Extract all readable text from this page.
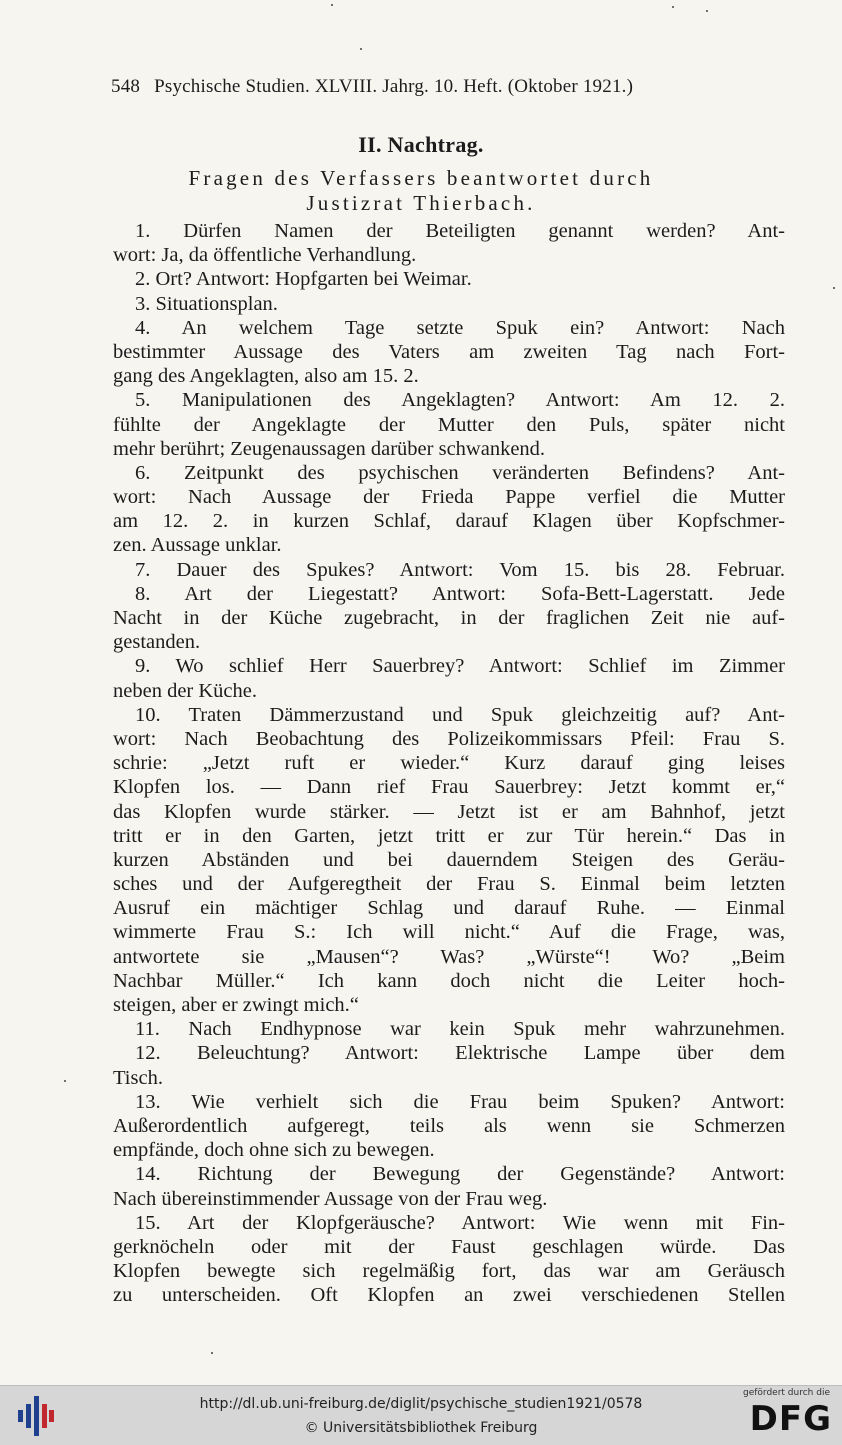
548 Psychische Studien. XLVIII. Jahrg. 10. Heft. (Oktober 1921.)
II. Nachtrag.
Fragen des Verfassers beantwortet durch
Justizrat Thierbach.
1. Dürfen Namen der Beteiligten genannt werden? Ant-
wort: Ja, da öffentliche Verhandlung.
2. Ort? Antwort: Hopfgarten bei Weimar.
3. Situationsplan.
4. An welchem Tage setzte Spuk ein? Antwort: Nach
bestimmter Aussage des Vaters am zweiten Tag nach Fort-
gang des Angeklagten, also am 15. 2.
5. Manipulationen des Angeklagten? Antwort: Am 12. 2.
fühlte der Angeklagte der Mutter den Puls, später nicht
mehr berührt; Zeugenaussagen darüber schwankend.
6. Zeitpunkt des psychischen veränderten Befindens? Ant-
wort: Nach Aussage der Frieda Pappe verfiel die Mutter
am 12. 2. in kurzen Schlaf, darauf Klagen über Kopfschmer-
zen. Aussage unklar.
7. Dauer des Spukes? Antwort: Vom 15. bis 28. Februar.
8. Art der Liegestatt? Antwort: Sofa-Bett-Lagerstatt. Jede
Nacht in der Küche zugebracht, in der fraglichen Zeit nie auf-
gestanden.
9. Wo schlief Herr Sauerbrey? Antwort: Schlief im Zimmer
neben der Küche.
10. Traten Dämmerzustand und Spuk gleichzeitig auf? Ant-
wort: Nach Beobachtung des Polizeikommissars Pfeil: Frau S.
schrie: „Jetzt ruft er wieder.“ Kurz darauf ging leises
Klopfen los. — Dann rief Frau Sauerbrey: Jetzt kommt er,“
das Klopfen wurde stärker. — Jetzt ist er am Bahnhof, jetzt
tritt er in den Garten, jetzt tritt er zur Tür herein.“ Das in
kurzen Abständen und bei dauerndem Steigen des Geräu-
sches und der Aufgeregtheit der Frau S. Einmal beim letzten
Ausruf ein mächtiger Schlag und darauf Ruhe. — Einmal
wimmerte Frau S.: Ich will nicht.“ Auf die Frage, was,
antwortete sie „Mausen“? Was? „Würste“! Wo? „Beim
Nachbar Müller.“ Ich kann doch nicht die Leiter hoch-
steigen, aber er zwingt mich.“
11. Nach Endhypnose war kein Spuk mehr wahrzunehmen.
12. Beleuchtung? Antwort: Elektrische Lampe über dem
Tisch.
13. Wie verhielt sich die Frau beim Spuken? Antwort:
Außerordentlich aufgeregt, teils als wenn sie Schmerzen
empfände, doch ohne sich zu bewegen.
14. Richtung der Bewegung der Gegenstände? Antwort:
Nach übereinstimmender Aussage von der Frau weg.
15. Art der Klopfgeräusche? Antwort: Wie wenn mit Fin-
gerknöcheln oder mit der Faust geschlagen würde. Das
Klopfen bewegte sich regelmäßig fort, das war am Geräusch
zu unterscheiden. Oft Klopfen an zwei verschiedenen Stellen
http://dl.ub.uni-freiburg.de/diglit/psychische_studien1921/0578
© Universitätsbibliothek Freiburg
gefördert durch die
DFG
